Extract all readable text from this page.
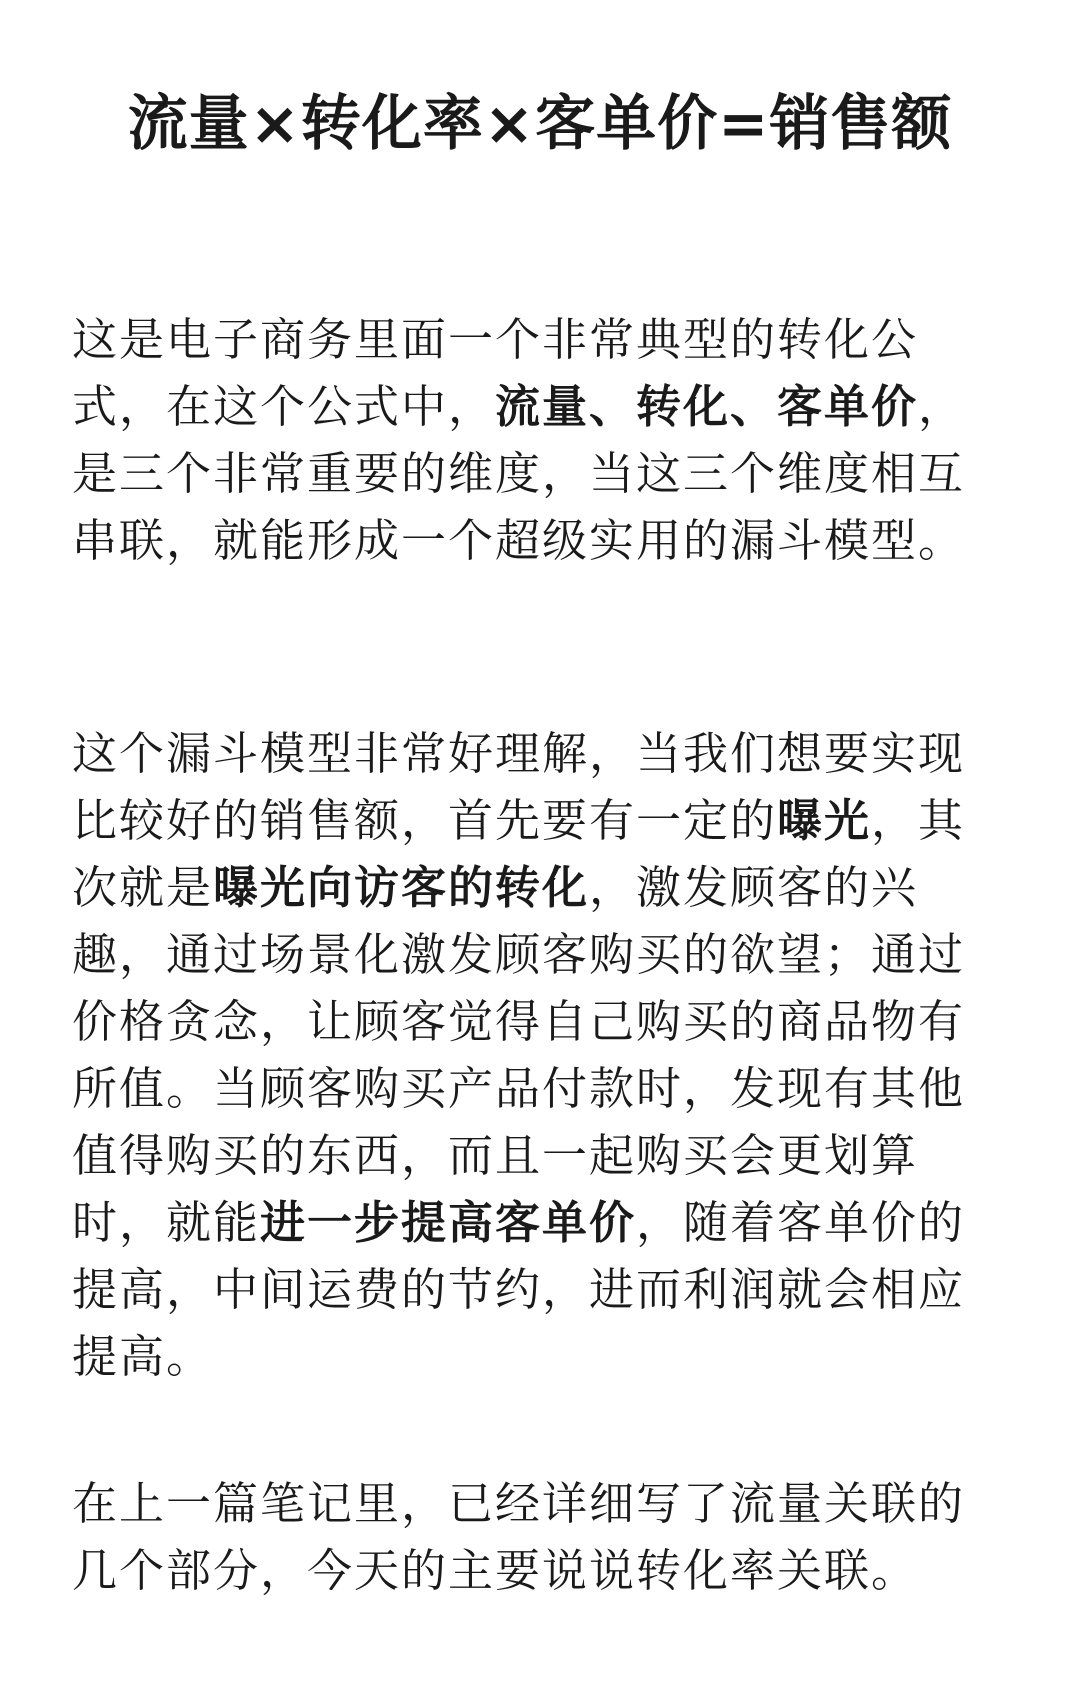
流量×转化率×客单价=销售额

这是电子商务里面一个非常典型的转化公
式，在这个公式中，流量、转化、客单价，
是三个非常重要的维度，当这三个维度相互
串联，就能形成一个超级实用的漏斗模型。

这个漏斗模型非常好理解，当我们想要实现
比较好的销售额，首先要有一定的曝光，其
次就是曝光向访客的转化，激发顾客的兴
趣，通过场景化激发顾客购买的欲望；通过
价格贪念，让顾客觉得自己购买的商品物有
所值。当顾客购买产品付款时，发现有其他
值得购买的东西，而且一起购买会更划算
时，就能进一步提高客单价，随着客单价的
提高，中间运费的节约，进而利润就会相应
提高。

在上一篇笔记里，已经详细写了流量关联的
几个部分，今天的主要说说转化率关联。
